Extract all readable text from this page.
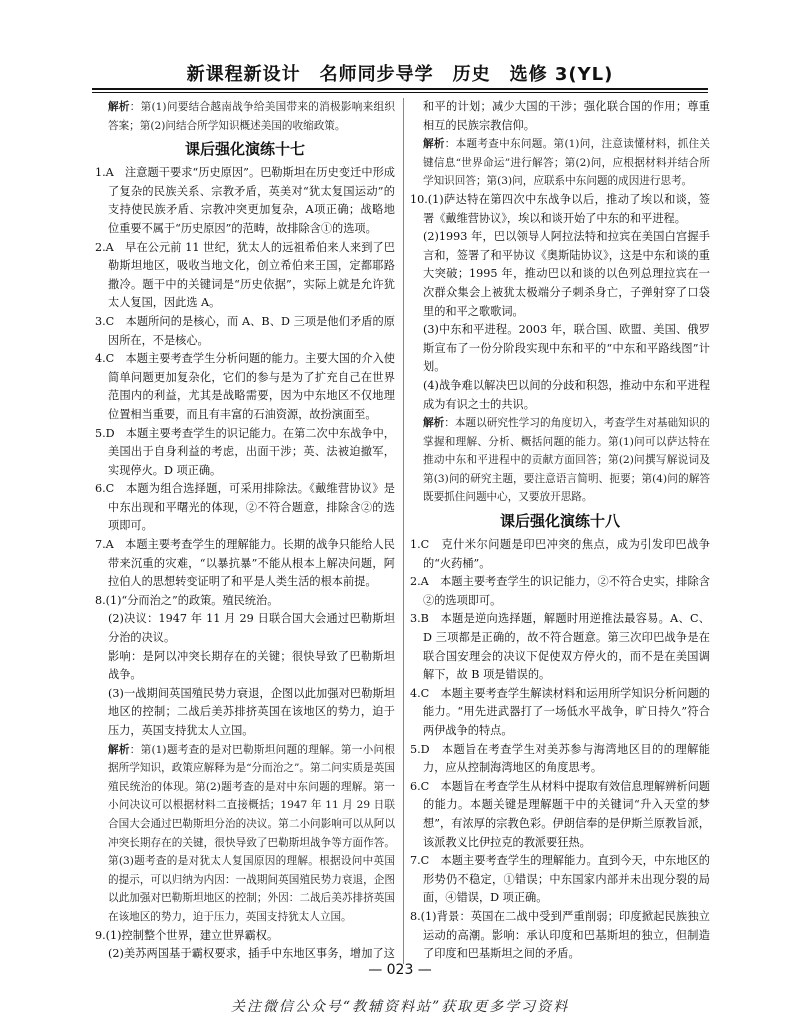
新课程新设计　名师同步导学　历史　选修 3(YL)
解析：第(1)问要结合越南战争给美国带来的消极影响来组织答案；第(2)问结合所学知识概述美国的收缩政策。
课后强化演练十七
1.A　注意题干要求“历史原因”。巴勒斯坦在历史变迁中形成了复杂的民族关系、宗教矛盾，英美对“犹太复国运动”的支持使民族矛盾、宗教冲突更加复杂，A项正确；战略地位重要不属于“历史原因”的范畴，故排除含①的选项。
2.A　早在公元前 11 世纪，犹太人的远祖希伯来人来到了巴勒斯坦地区，吸收当地文化，创立希伯来王国，定都耶路撒冷。题干中的关键词是“历史依据”，实际上就是允许犹太人复国，因此选 A。
3.C　本题所问的是核心，而 A、B、D 三项是他们矛盾的原因所在，不是核心。
4.C　本题主要考查学生分析问题的能力。主要大国的介入使简单问题更加复杂化，它们的参与是为了扩充自己在世界范围内的利益，尤其是战略需要，因为中东地区不仅地理位置相当重要，而且有丰富的石油资源，故扮演面至。
5.D　本题主要考查学生的识记能力。在第二次中东战争中，美国出于自身利益的考虑，出面干涉；英、法被迫撤军，实现停火。D 项正确。
6.C　本题为组合选择题，可采用排除法。《戴维营协议》是中东出现和平曙光的体现，②不符合题意，排除含②的选项即可。
7.A　本题主要考查学生的理解能力。长期的战争只能给人民带来沉重的灾难，“以暴抗暴”不能从根本上解决问题，阿拉伯人的思想转变证明了和平是人类生活的根本前提。
8.(1)“分而治之”的政策。殖民统治。
(2)决议：1947 年 11 月 29 日联合国大会通过巴勒斯坦分治的决议。
影响：是阿以冲突长期存在的关键；很快导致了巴勒斯坦战争。
(3)一战期间英国殖民势力衰退，企图以此加强对巴勒斯坦地区的控制；二战后美苏排挤英国在该地区的势力，迫于压力，英国支持犹太人立国。
解析：第(1)题考查的是对巴勒斯坦问题的理解。第一小问根据所学知识，政策应解释为是“分而治之”。第二问实质是英国殖民统治的体现。第(2)题考查的是对中东问题的理解。第一小问决议可以根据材料二直接概括；1947 年 11 月 29 日联合国大会通过巴勒斯坦分治的决议。第二小问影响可以从阿以冲突长期存在的关键，很快导致了巴勒斯坦战争等方面作答。第(3)题考查的是对犹太人复国原因的理解。根据设问中英国的提示，可以归纳为内因：一战期间英国殖民势力衰退，企图以此加强对巴勒斯坦地区的控制；外因：二战后美苏排挤英国在该地区的势力，迫于压力，英国支持犹太人立国。
9.(1)控制整个世界，建立世界霸权。
(2)美苏两国基于霸权要求，插手中东地区事务，增加了这
和平的计划；减少大国的干涉；强化联合国的作用；尊重相互的民族宗教信仰。
解析：本题考查中东问题。第(1)问，注意读懂材料，抓住关键信息“世界命运”进行解答；第(2)问，应根据材料并结合所学知识回答；第(3)问，应联系中东问题的成因进行思考。
10.(1)萨达特在第四次中东战争以后，推动了埃以和谈，签署《戴维营协议》，埃以和谈开始了中东的和平进程。
(2)1993 年，巴以领导人阿拉法特和拉宾在美国白宫握手言和，签署了和平协议《奥斯陆协议》，这是中东和谈的重大突破；1995 年，推动巴以和谈的以色列总理拉宾在一次群众集会上被犹太极端分子刺杀身亡，子弹射穿了口袋里的和平之歌歌词。
(3)中东和平进程。2003 年，联合国、欧盟、美国、俄罗斯宣布了一份分阶段实现中东和平的“中东和平路线图”计划。
(4)战争难以解决巴以间的分歧和积怨，推动中东和平进程成为有识之士的共识。
解析：本题以研究性学习的角度切入，考查学生对基础知识的掌握和理解、分析、概括问题的能力。第(1)问可以萨达特在推动中东和平进程中的贡献方面回答；第(2)问撰写解说词及第(3)问的研究主题，要注意语言简明、扼要；第(4)问的解答既要抓住问题中心，又要放开思路。
课后强化演练十八
1.C　克什米尔问题是印巴冲突的焦点，成为引发印巴战争的“火药桶”。
2.A　本题主要考查学生的识记能力，②不符合史实，排除含②的选项即可。
3.B　本题是逆向选择题，解题时用逆推法最容易。A、C、D 三项都是正确的，故不符合题意。第三次印巴战争是在联合国安理会的决议下促使双方停火的，而不是在美国调解下，故 B 项是错误的。
4.C　本题主要考查学生解读材料和运用所学知识分析问题的能力。“用先进武器打了一场低水平战争，旷日持久”符合两伊战争的特点。
5.D　本题旨在考查学生对美苏参与海湾地区目的的理解能力，应从控制海湾地区的角度思考。
6.C　本题旨在考查学生从材料中提取有效信息理解辨析问题的能力。本题关键是理解题干中的关键词“升入天堂的梦想”，有浓厚的宗教色彩。伊朗信奉的是伊斯兰原教旨派，该派教义比伊拉克的教派要狂热。
7.C　本题主要考查学生的理解能力。直到今天，中东地区的形势仍不稳定，①错误；中东国家内部并未出现分裂的局面，④错误，D 项正确。
8.(1)背景：英国在二战中受到严重削弱；印度掀起民族独立运动的高潮。影响：承认印度和巴基斯坦的独立，但制造了印度和巴基斯坦之间的矛盾。
— 023 —
关注微信公众号“教辅资料站”获取更多学习资料
